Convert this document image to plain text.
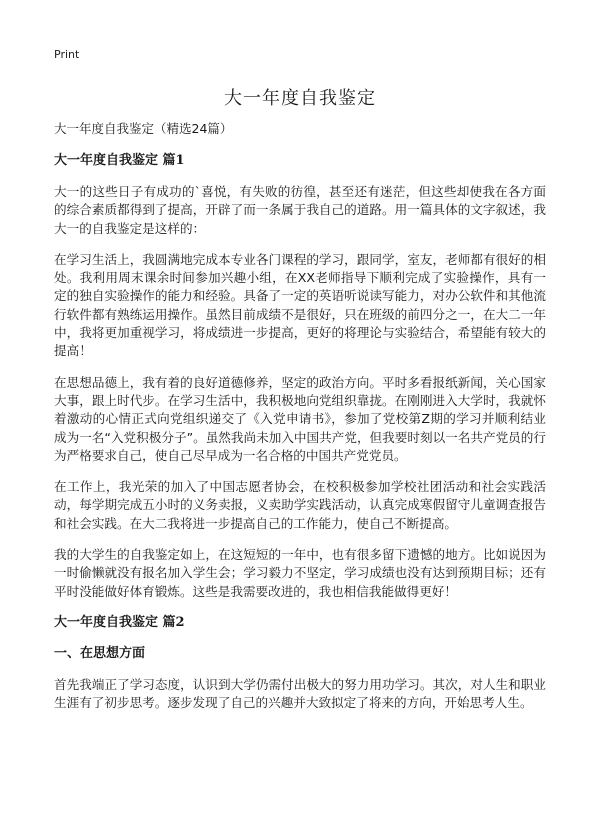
Print
大一年度自我鉴定

大一年度自我鉴定（精选24篇）

大一年度自我鉴定 篇1

大一的这些日子有成功的`喜悦，有失败的彷徨，甚至还有迷茫，但这些却使我在各方面的综合素质都得到了提高，开辟了而一条属于我自己的道路。用一篇具体的文字叙述，我大一的自我鉴定是这样的：

在学习生活上，我圆满地完成本专业各门课程的学习，跟同学，室友，老师都有很好的相处。我利用周末课余时间参加兴趣小组，在XX老师指导下顺利完成了实验操作，具有一定的独自实验操作的能力和经验。具备了一定的英语听说读写能力，对办公软件和其他流行软件都有熟练运用操作。虽然目前成绩不是很好，只在班级的前四分之一，在大二一年中，我将更加重视学习，将成绩进一步提高，更好的将理论与实验结合，希望能有较大的提高！

在思想品德上，我有着的良好道德修养，坚定的政治方向。平时多看报纸新闻，关心国家大事，跟上时代步。在学习生活中，我积极地向党组织靠拢。在刚刚进入大学时，我就怀着激动的心情正式向党组织递交了《入党申请书》，参加了党校第Z期的学习并顺利结业成为一名“入党积极分子”。虽然我尚未加入中国共产党，但我要时刻以一名共产党员的行为严格要求自己，使自己尽早成为一名合格的中国共产党党员。

在工作上，我光荣的加入了中国志愿者协会，在校积极参加学校社团活动和社会实践活动，每学期完成五小时的义务卖报，义卖助学实践活动，认真完成寒假留守儿童调查报告和社会实践。在大二我将进一步提高自己的工作能力，使自己不断提高。

我的大学生的自我鉴定如上，在这短短的一年中，也有很多留下遗憾的地方。比如说因为一时偷懒就没有报名加入学生会；学习毅力不坚定，学习成绩也没有达到预期目标；还有平时没能做好体育锻炼。这些是我需要改进的，我也相信我能做得更好！

大一年度自我鉴定 篇2

一、在思想方面

首先我端正了学习态度，认识到大学仍需付出极大的努力用功学习。其次，对人生和职业生涯有了初步思考。逐步发现了自己的兴趣并大致拟定了将来的方向，开始思考人生。
